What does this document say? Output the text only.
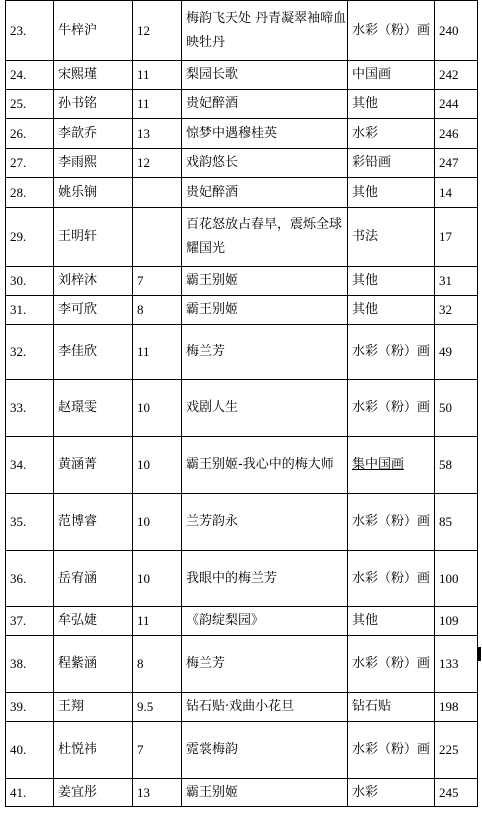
23.	牛梓沪	12	梅韵飞天处 丹青凝翠袖啼血映牡丹	水彩（粉）画	240
24.	宋熙瑾	11	梨园长歌	中国画	242
25.	孙书铭	11	贵妃醉酒	其他	244
26.	李歆乔	13	惊梦中遇穆桂英	水彩	246
27.	李雨熙	12	戏韵悠长	彩铅画	247
28.	姚乐锎		贵妃醉酒	其他	14
29.	王明轩		百花怒放占春早，震烁全球耀国光	书法	17
30.	刘梓沐	7	霸王别姬	其他	31
31.	李可欣	8	霸王别姬	其他	32
32.	李佳欣	11	梅兰芳	水彩（粉）画	49
33.	赵璟雯	10	戏剧人生	水彩（粉）画	50
34.	黄涵菁	10	霸王别姬-我心中的梅大师	集中国画	58
35.	范博睿	10	兰芳韵永	水彩（粉）画	85
36.	岳宥涵	10	我眼中的梅兰芳	水彩（粉）画	100
37.	牟弘婕	11	《韵绽梨园》	其他	109
38.	程紫涵	8	梅兰芳	水彩（粉）画	133
39.	王翔	9.5	钻石贴·戏曲小花旦	钻石贴	198
40.	杜悦祎	7	霓裳梅韵	水彩（粉）画	225
41.	姜宜彤	13	霸王别姬	水彩	245
